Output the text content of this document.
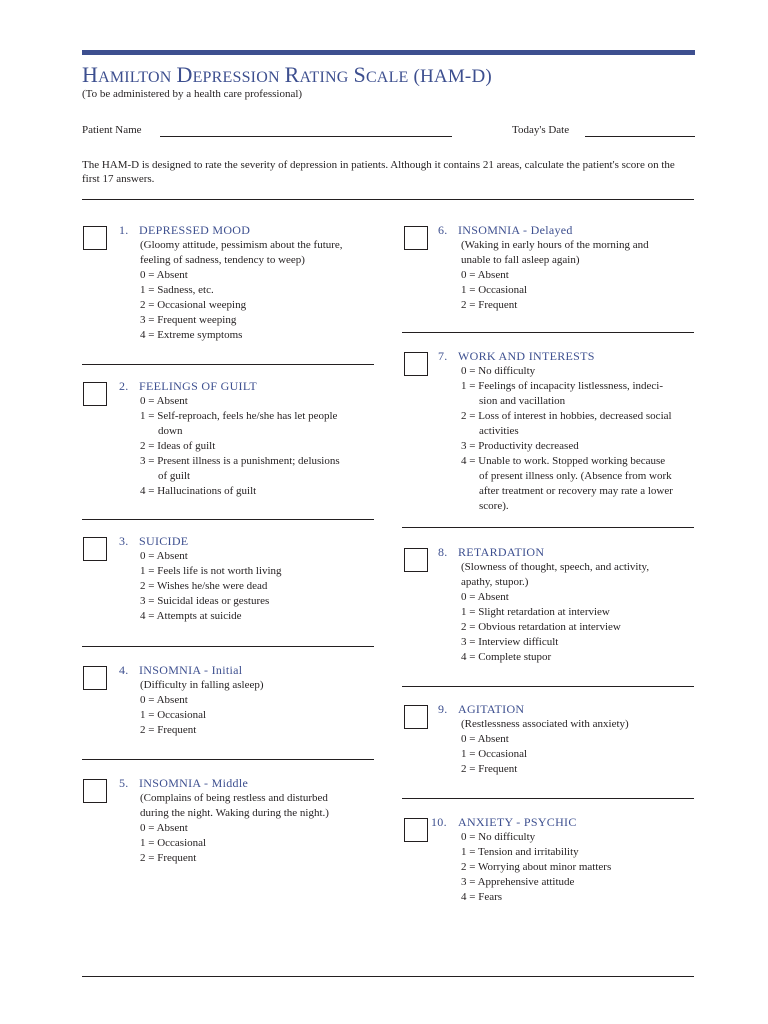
HAMILTON DEPRESSION RATING SCALE (HAM-D)
(To be administered by a health care professional)
Patient Name	Today's Date
The HAM-D is designed to rate the severity of depression in patients. Although it contains 21 areas, calculate the patient's score on the first 17 answers.
1. DEPRESSED MOOD
(Gloomy attitude, pessimism about the future,
feeling of sadness, tendency to weep)
0 = Absent
1 = Sadness, etc.
2 = Occasional weeping
3 = Frequent weeping
4 = Extreme symptoms
2. FEELINGS OF GUILT
0 = Absent
1 = Self-reproach, feels he/she has let people
down
2 = Ideas of guilt
3 = Present illness is a punishment; delusions
of guilt
4 = Hallucinations of guilt
3. SUICIDE
0 = Absent
1 = Feels life is not worth living
2 = Wishes he/she were dead
3 = Suicidal ideas or gestures
4 = Attempts at suicide
4. INSOMNIA - Initial
(Difficulty in falling asleep)
0 = Absent
1 = Occasional
2 = Frequent
5. INSOMNIA - Middle
(Complains of being restless and disturbed
during the night. Waking during the night.)
0 = Absent
1 = Occasional
2 = Frequent
6. INSOMNIA - Delayed
(Waking in early hours of the morning and
unable to fall asleep again)
0 = Absent
1 = Occasional
2 = Frequent
7. WORK AND INTERESTS
0 = No difficulty
1 = Feelings of incapacity listlessness, indeci-
sion and vacillation
2 = Loss of interest in hobbies, decreased social
activities
3 = Productivity decreased
4 = Unable to work. Stopped working because
of present illness only. (Absence from work
after treatment or recovery may rate a lower
score).
8. RETARDATION
(Slowness of thought, speech, and activity,
apathy, stupor.)
0 = Absent
1 = Slight retardation at interview
2 = Obvious retardation at interview
3 = Interview difficult
4 = Complete stupor
9. AGITATION
(Restlessness associated with anxiety)
0 = Absent
1 = Occasional
2 = Frequent
10. ANXIETY - PSYCHIC
0 = No difficulty
1 = Tension and irritability
2 = Worrying about minor matters
3 = Apprehensive attitude
4 = Fears
